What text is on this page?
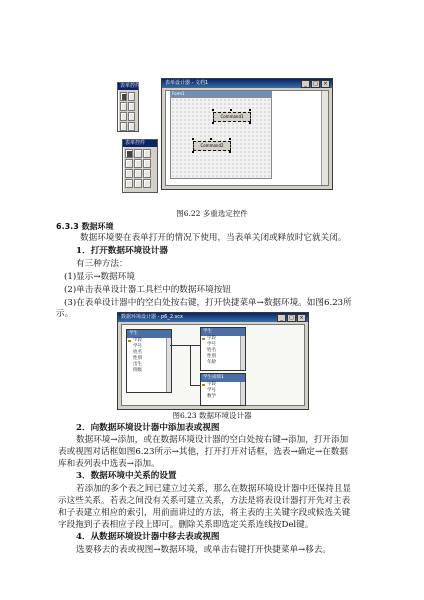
表单控件
表单控件
表单设计器 - 文档1	_	□	×
Form1
Command1
Command2
图6.22 多重选定控件
6.3.3 数据环境
数据环境要在表单打开的情况下使用，当表单关闭或释放时它就关闭。
1．打开数据环境设计器
有三种方法：
(1)显示→数据环境
(2)单击表单设计器工具栏中的数据环境按钮
(3)在表单设计器中的空白处按右键，打开快捷菜单→数据环境。如图6.23所
示。	数据环境设计器 - p6_2.scx	_	□	×
学生
字段
学号
姓名
性别
出生
班级
学生
字段
学号
姓名
性别
年龄
学生成绩1
字段
学号
数学
图6.23 数据环境设计器
2．向数据环境设计器中添加表或视图
数据环境→添加，或在数据环境设计器的空白处按右键→添加，打开添加
表或视图对话框如图6.23所示→其他，打开打开对话框，选表→确定→在数据
库和表列表中选表→添加。
3．数据环境中关系的设置
若添加的多个表之间已建立过关系，那么在数据环境设计器中还保持且显
示这些关系。若表之间没有关系可建立关系，方法是将表设计器打开先对主表
和子表建立相应的索引，用前面讲过的方法，将主表的主关键字段或候选关键
字段拖到子表相应子段上即可。删除关系即选定关系连线按Del键。
4．从数据环境设计器中移去表或视图
选要移去的表或视图→数据环境，或单击右键打开快捷菜单→移去。
